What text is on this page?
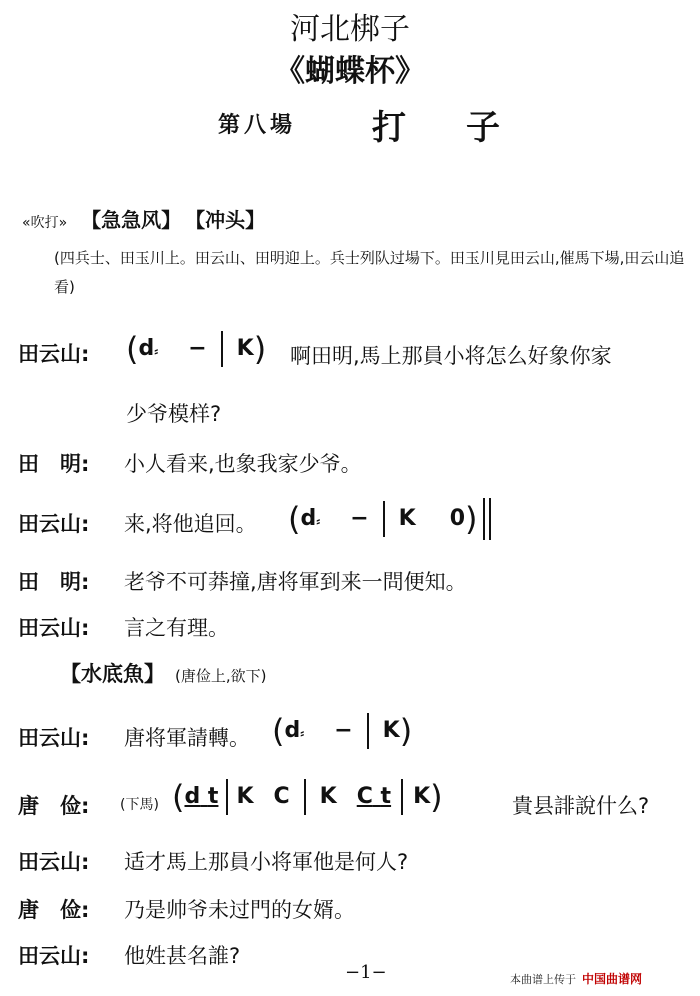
河北梆子
《蝴蝶杯》
第八場 打子
«吹打» 【急急风】 【冲头】
(四兵士、田玉川上。田云山、田明迎上。兵士列队过場下。田玉川見田云山,催馬下場,田云山追看)
田云山: (d⸗ − K) 啊田明,馬上那員小将怎么好象你家
少爷模样?
田　明: 小人看来,也象我家少爷。
田云山: 来,将他追回。 (d⸗ − K 0)
田　明: 老爷不可莽撞,唐将軍到来一問便知。
田云山: 言之有理。
【水底魚】 (唐俭上,欲下)
田云山: 唐将軍請轉。 (d⸗ − K)
唐　俭: (下馬) (d t K C K C t K)	貴县誹說什么?
田云山: 适才馬上那員小将軍他是何人?
唐　俭: 乃是帅爷未过門的女婿。
田云山: 他姓甚名誰?
−1−	本曲谱上传于 中国曲谱网
